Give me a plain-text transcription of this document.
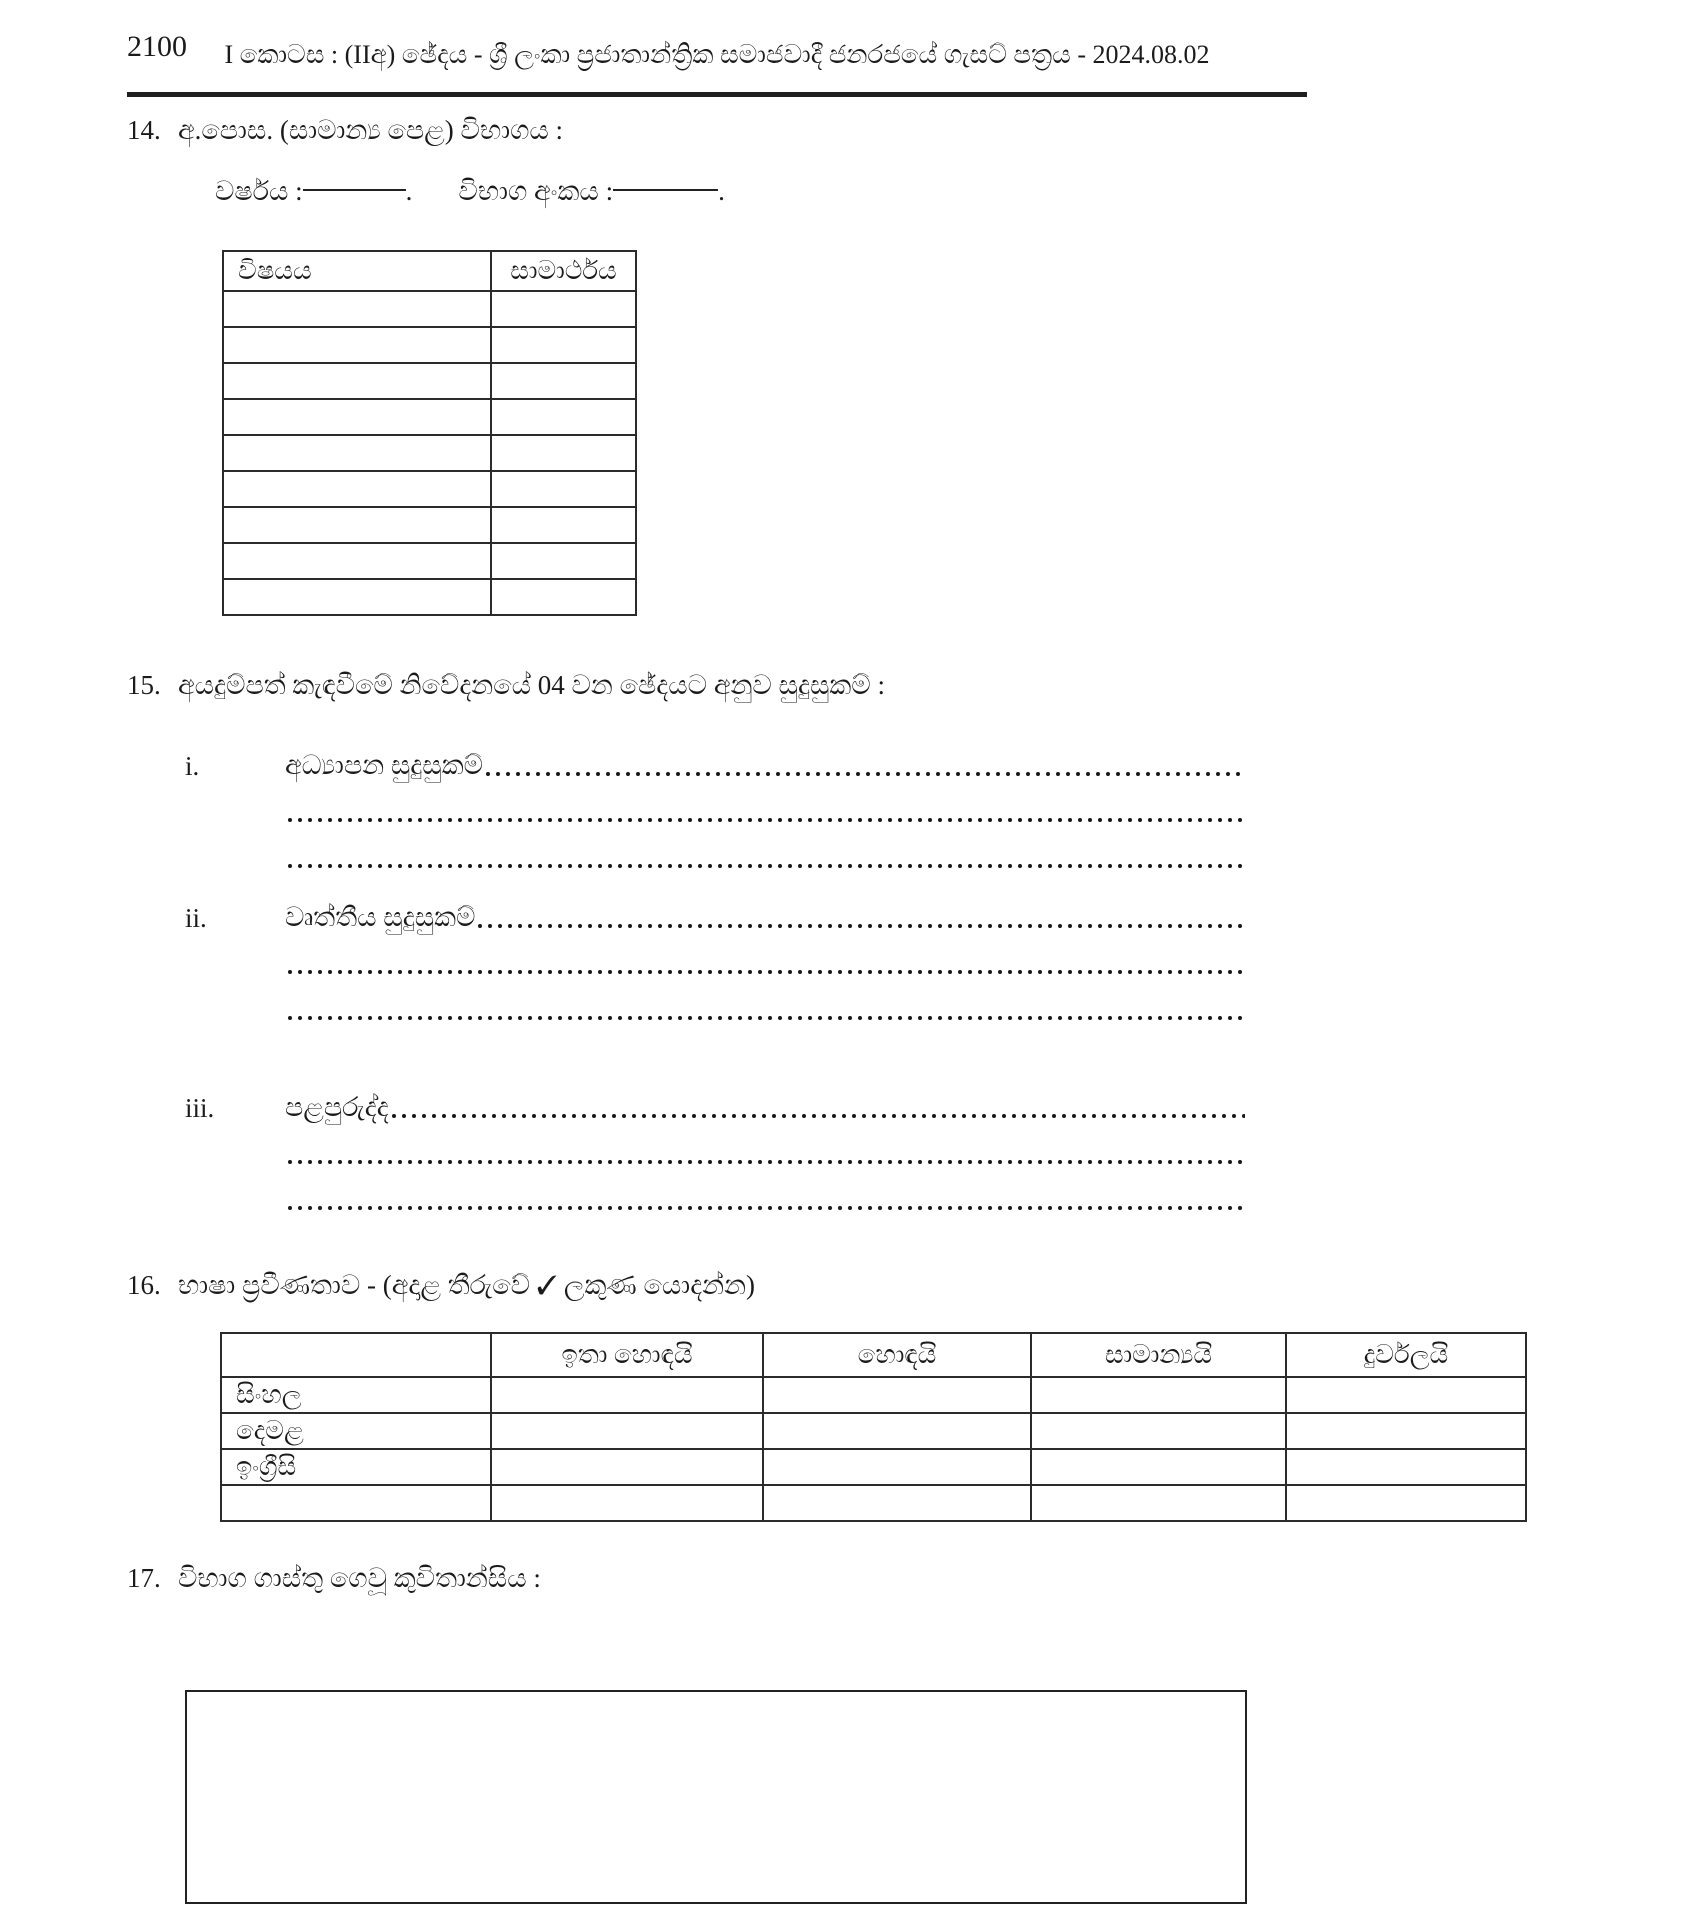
2100	I කොටස : (IIඅ) ඡේදය - ශ්‍රී ලංකා ප්‍රජාතාන්ත්‍රික සමාජවාදී ජනරජයේ ගැසට් පත්‍රය - 2024.08.02
14. අ.පොස. (සාමාන්‍ය පෙළ) විභාගය :
වර්ෂය :	. විභාග අංකය :	.
විෂයය	සාමාර්ථය

15. අයදුම්පත් කැඳවීමේ නිවේදනයේ 04 වන ඡේදයට අනුව සුදුසුකම් :
i.	අධ්‍යාපන සුදුසුකම්
ii.	වෘත්තීය සුදුසුකම්
iii.	පළපුරුද්ද
16. භාෂා ප්‍රවීණතාව - (අදාළ තීරුවේ ✓ ලකුණ යොදන්න)
	ඉතා හොඳයි	හොඳයි	සාමාන්‍යයි	දුර්වලයි
සිංහල				
දෙමළ				
ඉංග්‍රීසි				

17. විභාග ගාස්තු ගෙවූ කුවිතාන්සිය :
